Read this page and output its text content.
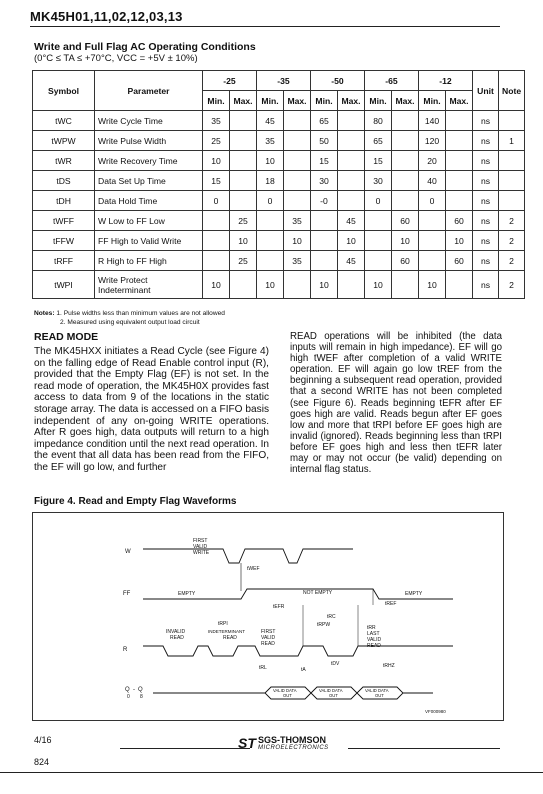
MK45H01,11,02,12,03,13
Write and Full Flag AC Operating Conditions
(0°C ≤ TA ≤ +70°C, VCC = +5V ± 10%)
Symbol	Parameter	-25		-35		-50		-65		-12		Unit	Note
		Min.	Max.	Min.	Max.	Min.	Max.	Min.	Max.	Min.	Max.		
tWC	Write Cycle Time	35		45		65		80		140		ns	
tWPW	Write Pulse Width	25		35		50		65		120		ns	1
tWR	Write Recovery Time	10		10		15		15		20		ns	
tDS	Data Set Up Time	15		18		30		30		40		ns	
tDH	Data Hold Time	0		0		-0		0		0		ns	
tWFF	W Low to FF Low		25		35		45		60		60	ns	2
tFFW	FF High to Valid Write		10		10		10		10		10	ns	2
tRFF	R High to FF High		25		35		45		60		60	ns	2
tWPI	Write Protect Indeterminant	10		10		10		10		10		ns	2
Notes: 1. Pulse widths less than minimum values are not allowed
2. Measured using equivalent output load circuit
READ MODE
The MK45HXX initiates a Read Cycle (see Figure 4) on the falling edge of Read Enable control input (R), provided that the Empty Flag (EF) is not set. In the read mode of operation, the MK45H0X provides fast access to data from 9 of the locations in the static storage array. The data is accessed on a FIFO basis independent of any on-going WRITE operations. After R goes high, data outputs will return to a high impedance condition until the next read operation. In the event that all data has been read from the FIFO, the EF will go low, and further
READ operations will be inhibited (the data inputs will remain in high impedance). EF will go high tWEF after completion of a valid WRITE operation. EF will again go low tREF from the beginning a subsequent read operation, provided that a second WRITE has not been completed (see Figure 6). Reads beginning tEFR after EF goes high are valid. Reads begun after EF goes low and more that tRPI before EF goes high are invalid (ignored). Reads beginning less than tRPI before EF goes high and less then tEFR later may or may not occur (be valid) depending on internal flag status.
Figure 4. Read and Empty Flag Waveforms
W
FIRST
VALID
WRITE
tWEF
FF	EMPTY	NOT EMPTY	EMPTY
tEFR	tREF
tRC
tRPW
tRPI
INVALID
READ
INDETERMINANT
READ
FIRST
VALID
READ
tRR
LAST
VALID
READ
R
tRL	tA
tDV	tRHZ
Q
0
- Q
8
VALID DATA
OUT
VALID DATA
OUT
VALID DATA
OUT
VF000980
4/16	ST SGS-THOMSON
MICROELECTRONICS
824
